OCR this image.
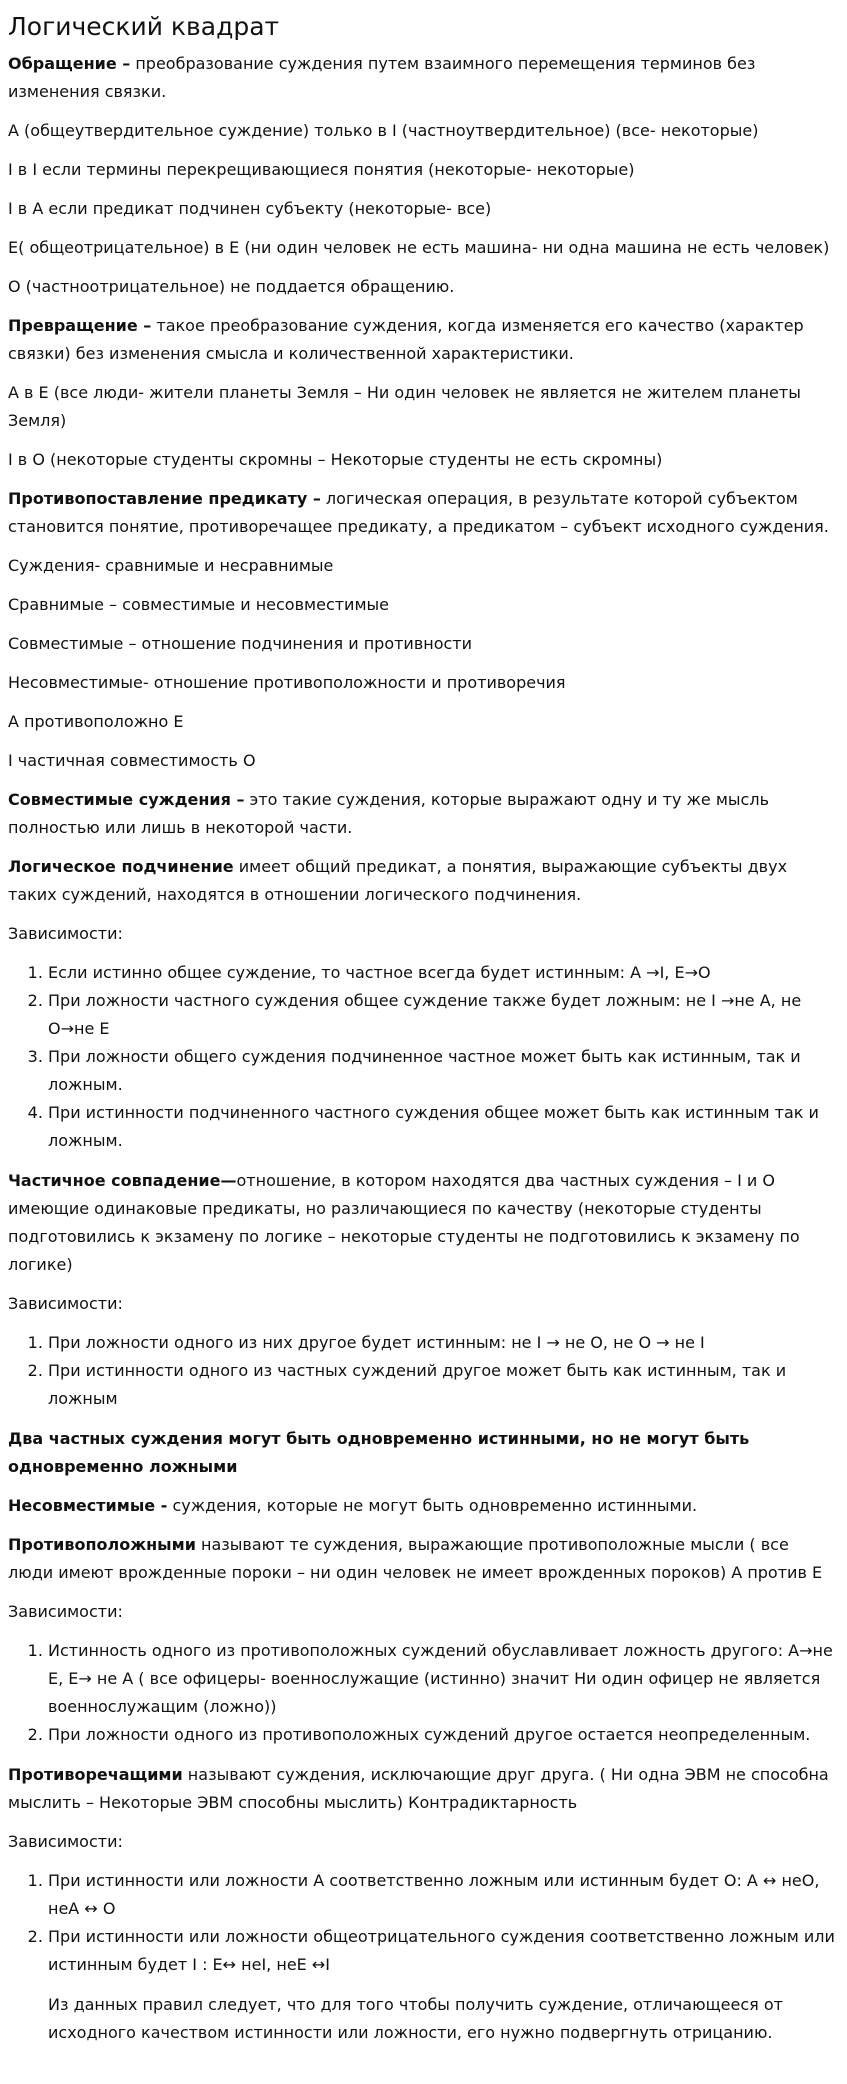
Логический квадрат

Обращение – преобразование суждения путем взаимного перемещения терминов без изменения связки.

А (общеутвердительное суждение) только в I (частноутвердительное) (все- некоторые)

I в I если термины перекрещивающиеся понятия (некоторые- некоторые)

I в А если предикат подчинен субъекту (некоторые- все)

E( общеотрицательное) в Е (ни один человек не есть машина- ни одна машина не есть человек)

О (частноотрицательное) не поддается обращению.

Превращение – такое преобразование суждения, когда изменяется его качество (характер связки) без изменения смысла и количественной характеристики.

А в Е (все люди- жители планеты Земля – Ни один человек не является не жителем планеты Земля)

I в О (некоторые студенты скромны – Некоторые студенты не есть скромны)

Противопоставление предикату – логическая операция, в результате которой субъектом становится понятие, противоречащее предикату, а предикатом – субъект исходного суждения.

Суждения- сравнимые и несравнимые

Сравнимые – совместимые и несовместимые

Совместимые – отношение подчинения и противности

Несовместимые- отношение противоположности и противоречия

А противоположно Е

I частичная совместимость О

Совместимые суждения – это такие суждения, которые выражают одну и ту же мысль полностью или лишь в некоторой части.

Логическое подчинение имеет общий предикат, а понятия, выражающие субъекты двух таких суждений, находятся в отношении логического подчинения.

Зависимости:

1. Если истинно общее суждение, то частное всегда будет истинным: А →I, Е→О
2. При ложности частного суждения общее суждение также будет ложным: не I →не А, не О→не Е
3. При ложности общего суждения подчиненное частное может быть как истинным, так и ложным.
4. При истинности подчиненного частного суждения общее может быть как истинным так и ложным.

Частичное совпадение—отношение, в котором находятся два частных суждения – I и O имеющие одинаковые предикаты, но различающиеся по качеству (некоторые студенты подготовились к экзамену по логике – некоторые студенты не подготовились к экзамену по логике)

Зависимости:

1. При ложности одного из них другое будет истинным: не I → не О, не О → не I
2. При истинности одного из частных суждений другое может быть как истинным, так и ложным

Два частных суждения могут быть одновременно истинными, но не могут быть одновременно ложными

Несовместимые - суждения, которые не могут быть одновременно истинными.

Противоположными называют те суждения, выражающие противоположные мысли ( все люди имеют врожденные пороки – ни один человек не имеет врожденных пороков) А против Е

Зависимости:

1. Истинность одного из противоположных суждений обуславливает ложность другого: А→не Е, Е→ не А ( все офицеры- военнослужащие (истинно) значит Ни один офицер не является военнослужащим (ложно))
2. При ложности одного из противоположных суждений другое остается неопределенным.

Противоречащими называют суждения, исключающие друг друга. ( Ни одна ЭВМ не способна мыслить – Некоторые ЭВМ способны мыслить) Контрадиктарность

Зависимости:

1. При истинности или ложности А соответственно ложным или истинным будет О: А ↔ неО, неА ↔ О
2. При истинности или ложности общеотрицательного суждения соответственно ложным или истинным будет I : Е↔ неI, неЕ ↔I

Из данных правил следует, что для того чтобы получить суждение, отличающееся от исходного качеством истинности или ложности, его нужно подвергнуть отрицанию.
